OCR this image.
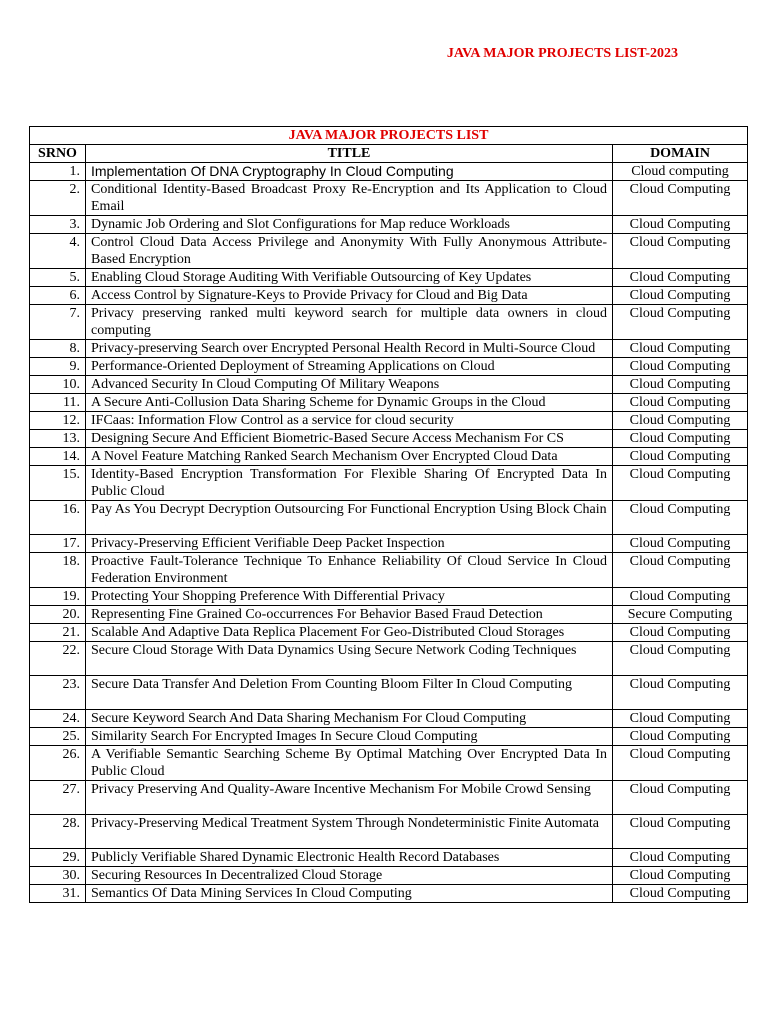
JAVA MAJOR PROJECTS LIST-2023
JAVA MAJOR PROJECTS LIST		
SRNO	TITLE	DOMAIN
1.	Implementation Of DNA Cryptography In Cloud Computing	Cloud computing
2.	Conditional Identity-Based Broadcast Proxy Re-Encryption and Its Application to Cloud Email	Cloud Computing
3.	Dynamic Job Ordering and Slot Configurations for Map reduce Workloads	Cloud Computing
4.	Control Cloud Data Access Privilege and Anonymity With Fully Anonymous Attribute-Based Encryption	Cloud Computing
5.	Enabling Cloud Storage Auditing With Verifiable Outsourcing of Key Updates	Cloud Computing
6.	Access Control by Signature-Keys to Provide Privacy for Cloud and Big Data	Cloud Computing
7.	Privacy preserving ranked multi keyword search for multiple data owners in cloud computing	Cloud Computing
8.	Privacy-preserving Search over Encrypted Personal Health Record in Multi-Source Cloud	Cloud Computing
9.	Performance-Oriented Deployment of Streaming Applications on Cloud	Cloud Computing
10.	Advanced Security In Cloud Computing Of Military Weapons	Cloud Computing
11.	A Secure Anti-Collusion Data Sharing Scheme for Dynamic Groups in the Cloud	Cloud Computing
12.	IFCaas: Information Flow Control as a service for cloud security	Cloud Computing
13.	Designing Secure And Efficient Biometric-Based Secure Access Mechanism For CS	Cloud Computing
14.	A Novel Feature Matching Ranked Search Mechanism Over Encrypted Cloud Data	Cloud Computing
15.	Identity-Based Encryption Transformation For Flexible Sharing Of Encrypted Data In Public Cloud	Cloud Computing
16.	Pay As You Decrypt Decryption Outsourcing For Functional Encryption Using Block Chain	Cloud Computing
17.	Privacy-Preserving Efficient Verifiable Deep Packet Inspection	Cloud Computing
18.	Proactive Fault-Tolerance Technique To Enhance Reliability Of Cloud Service In Cloud Federation Environment	Cloud Computing
19.	Protecting Your Shopping Preference With Differential Privacy	Cloud Computing
20.	Representing Fine Grained Co-occurrences For Behavior Based Fraud Detection	Secure Computing
21.	Scalable And Adaptive Data Replica Placement For Geo-Distributed Cloud Storages	Cloud Computing
22.	Secure Cloud Storage With Data Dynamics Using Secure Network Coding Techniques	Cloud Computing
23.	Secure Data Transfer And Deletion From Counting Bloom Filter In Cloud Computing	Cloud Computing
24.	Secure Keyword Search And Data Sharing Mechanism For Cloud Computing	Cloud Computing
25.	Similarity Search For Encrypted Images In Secure Cloud Computing	Cloud Computing
26.	A Verifiable Semantic Searching Scheme By Optimal Matching Over Encrypted Data In Public Cloud	Cloud Computing
27.	Privacy Preserving And Quality-Aware Incentive Mechanism For Mobile Crowd Sensing	Cloud Computing
28.	Privacy-Preserving Medical Treatment System Through Nondeterministic Finite Automata	Cloud Computing
29.	Publicly Verifiable Shared Dynamic Electronic Health Record Databases	Cloud Computing
30.	Securing Resources In Decentralized Cloud Storage	Cloud Computing
31.	Semantics Of Data Mining Services In Cloud Computing	Cloud Computing
